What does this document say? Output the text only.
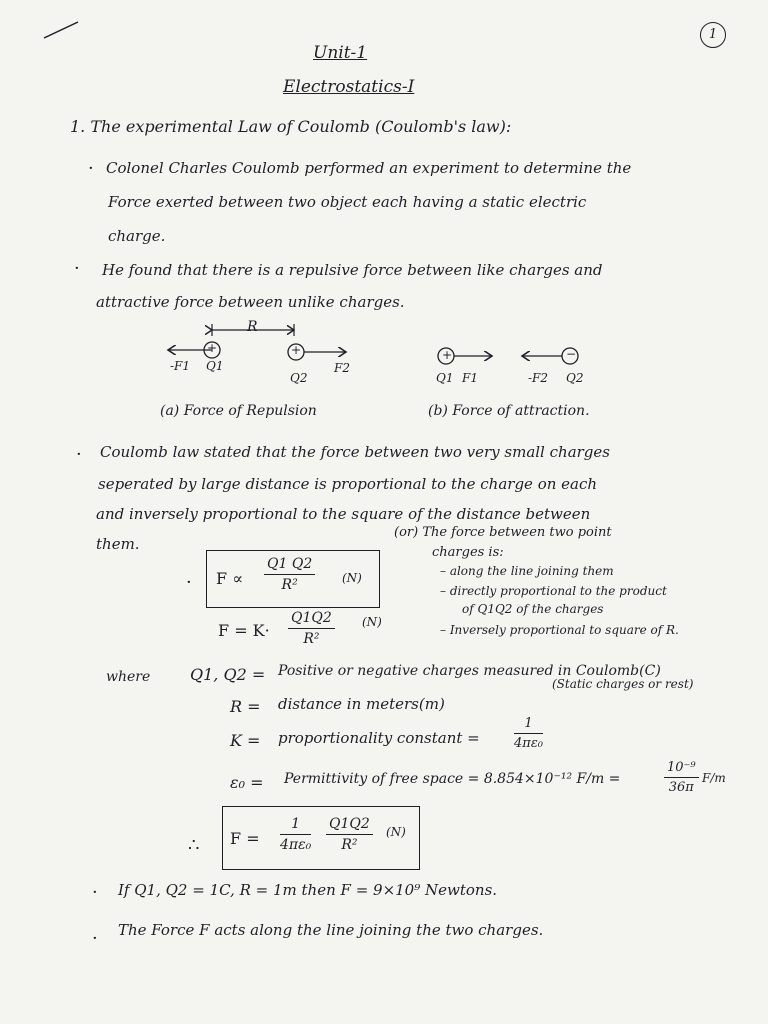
1
Unit-1
Electrostatics-I
1. The experimental Law of Coulomb (Coulomb's law):
· Colonel Charles Coulomb performed an experiment to determine the
Force exerted between two object each having a static electric
charge.
· He found that there is a repulsive force between like charges and
attractive force between unlike charges.
R
+	+
-F1 Q1
Q2
F2
(a) Force of Repulsion
+	−
Q1 F1	-F2 Q2
(b) Force of attraction.
· Coulomb law stated that the force between two very small charges
seperated by large distance is proportional to the charge on each
and inversely proportional to the square of the distance between
them.
(or) The force between two point
charges is:
– along the line joining them
– directly proportional to the product
of Q1Q2 of the charges
– Inversely proportional to square of R.
· F ∝
Q1 Q2
R²	(N)
F = K·
Q1Q2
R²
(N)
where Q1, Q2 = Positive or negative charges measured in Coulomb(C)
(Static charges or rest)
R = distance in meters(m)
K = proportionality constant =
1
4πε₀
ε₀ = Permittivity of free space = 8.854×10⁻¹² F/m =
10⁻⁹
36π
F/m
∴ F =
1
4πε₀
Q1Q2
R²
(N)
· If Q1, Q2 = 1C, R = 1m then F = 9×10⁹ Newtons.
· The Force F acts along the line joining the two charges.
